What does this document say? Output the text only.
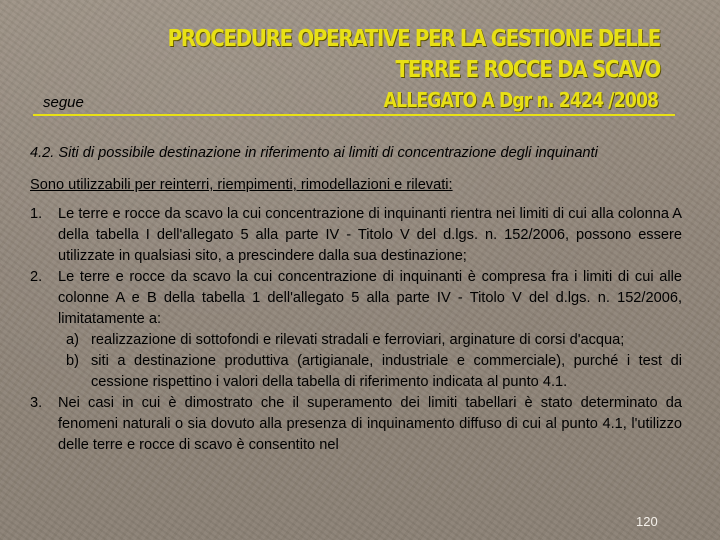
PROCEDURE OPERATIVE PER LA GESTIONE DELLE TERRE E ROCCE DA SCAVO
segue	ALLEGATO A Dgr n. 2424 /2008

4.2. Siti di possibile destinazione in riferimento ai limiti di concentrazione degli inquinanti

Sono utilizzabili per reinterri, riempimenti, rimodellazioni e rilevati:

1. Le terre e rocce da scavo la cui concentrazione di inquinanti rientra nei limiti di cui alla colonna A della tabella I dell'allegato 5 alla parte IV - Titolo V del d.lgs. n. 152/2006, possono essere utilizzate in qualsiasi sito, a prescindere dalla sua destinazione;
2. Le terre e rocce da scavo la cui concentrazione di inquinanti è compresa fra i limiti di cui alle colonne A e B della tabella 1 dell'allegato 5 alla parte IV - Titolo V del d.lgs. n. 152/2006, limitatamente a:
a) realizzazione di sottofondi e rilevati stradali e ferroviari, arginature di corsi d'acqua;
b) siti a destinazione produttiva (artigianale, industriale e commerciale), purché i test di cessione rispettino i valori della tabella di riferimento indicata al punto 4.1.
3. Nei casi in cui è dimostrato che il superamento dei limiti tabellari è stato determinato da fenomeni naturali o sia dovuto alla presenza di inquinamento diffuso di cui al punto 4.1, l'utilizzo delle terre e rocce di scavo è consentito nel
120
